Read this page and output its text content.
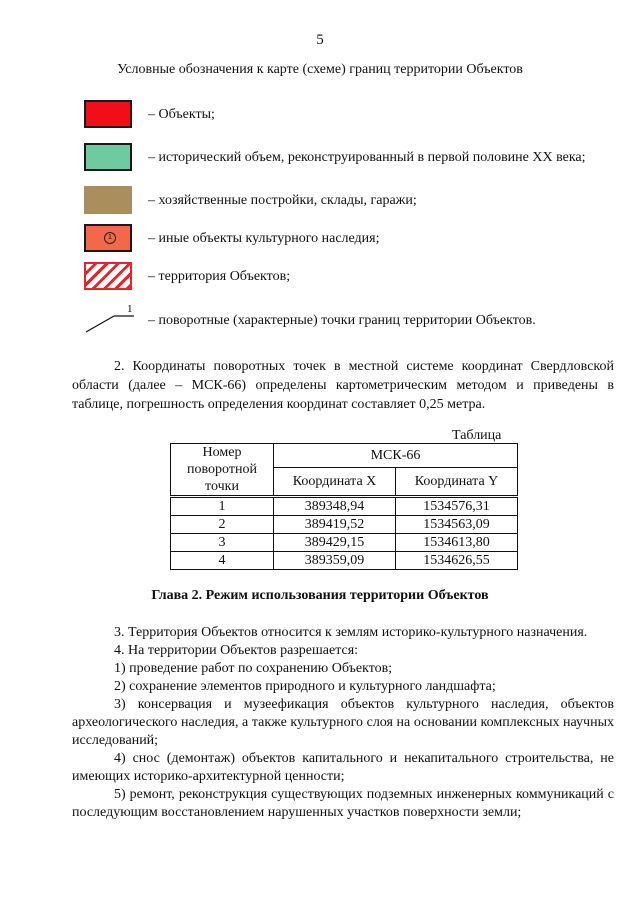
5
Условные обозначения к карте (схеме) границ территории Объектов
– Объекты;
– исторический объем, реконструированный в первой половине XX века;
– хозяйственные постройки, склады, гаражи;
1	– иные объекты культурного наследия;
– территория Объектов;
1
– поворотные (характерные) точки границ территории Объектов.
2. Координаты поворотных точек в местной системе координат Свердловской области (далее – МСК-66) определены картометрическим методом и приведены в таблице, погрешность определения координат составляет 0,25 метра.
Таблица
Номер поворотной точки	МСК-66	
	Координата X	Координата Y
1	389348,94	1534576,31
2	389419,52	1534563,09
3	389429,15	1534613,80
4	389359,09	1534626,55
Глава 2. Режим использования территории Объектов

3. Территория Объектов относится к землям историко-культурного назначения.

4. На территории Объектов разрешается:

1) проведение работ по сохранению Объектов;

2) сохранение элементов природного и культурного ландшафта;

3) консервация и музеефикация объектов культурного наследия, объектов археологического наследия, а также культурного слоя на основании комплексных научных исследований;

4) снос (демонтаж) объектов капитального и некапитального строительства, не имеющих историко-архитектурной ценности;

5) ремонт, реконструкция существующих подземных инженерных коммуникаций с последующим восстановлением нарушенных участков поверхности земли;
